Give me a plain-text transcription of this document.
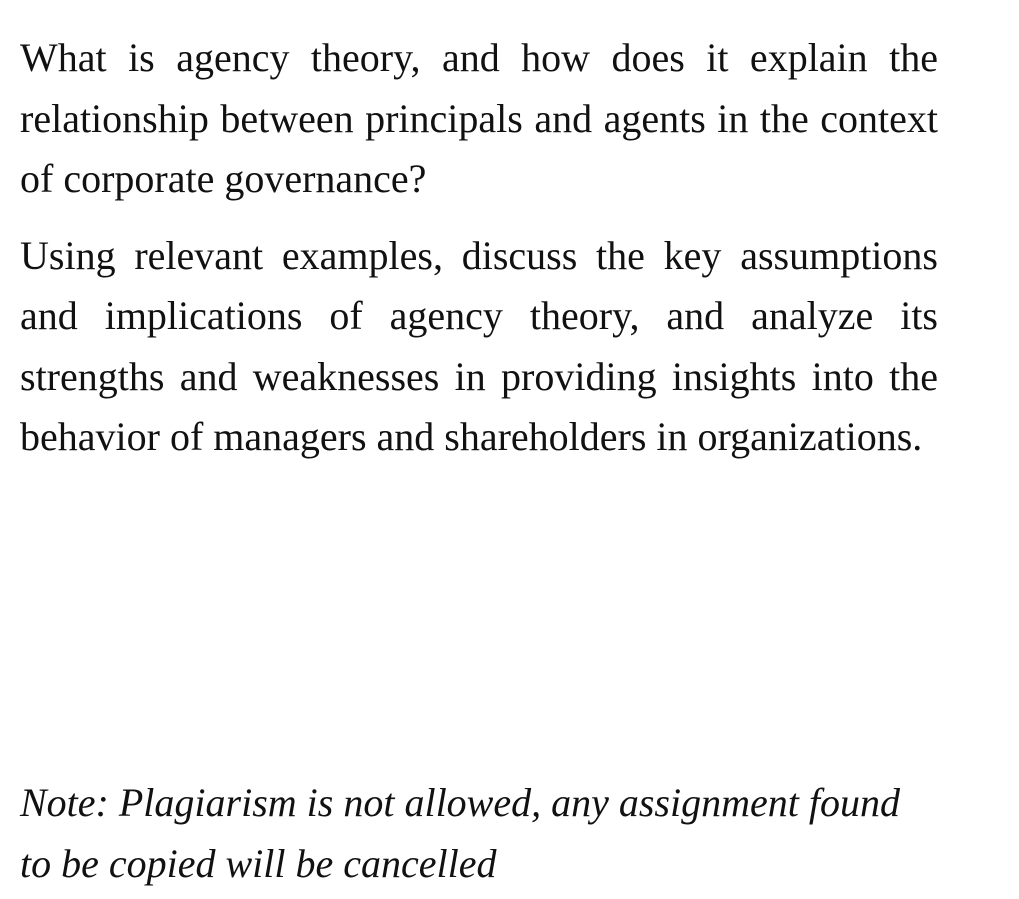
What is agency theory, and how does it explain the relationship between principals and agents in the context of corporate governance?

Using relevant examples, discuss the key assumptions and implications of agency theory, and analyze its strengths and weaknesses in providing insights into the behavior of managers and shareholders in organizations.

Note: Plagiarism is not allowed, any assignment found to be copied will be cancelled
